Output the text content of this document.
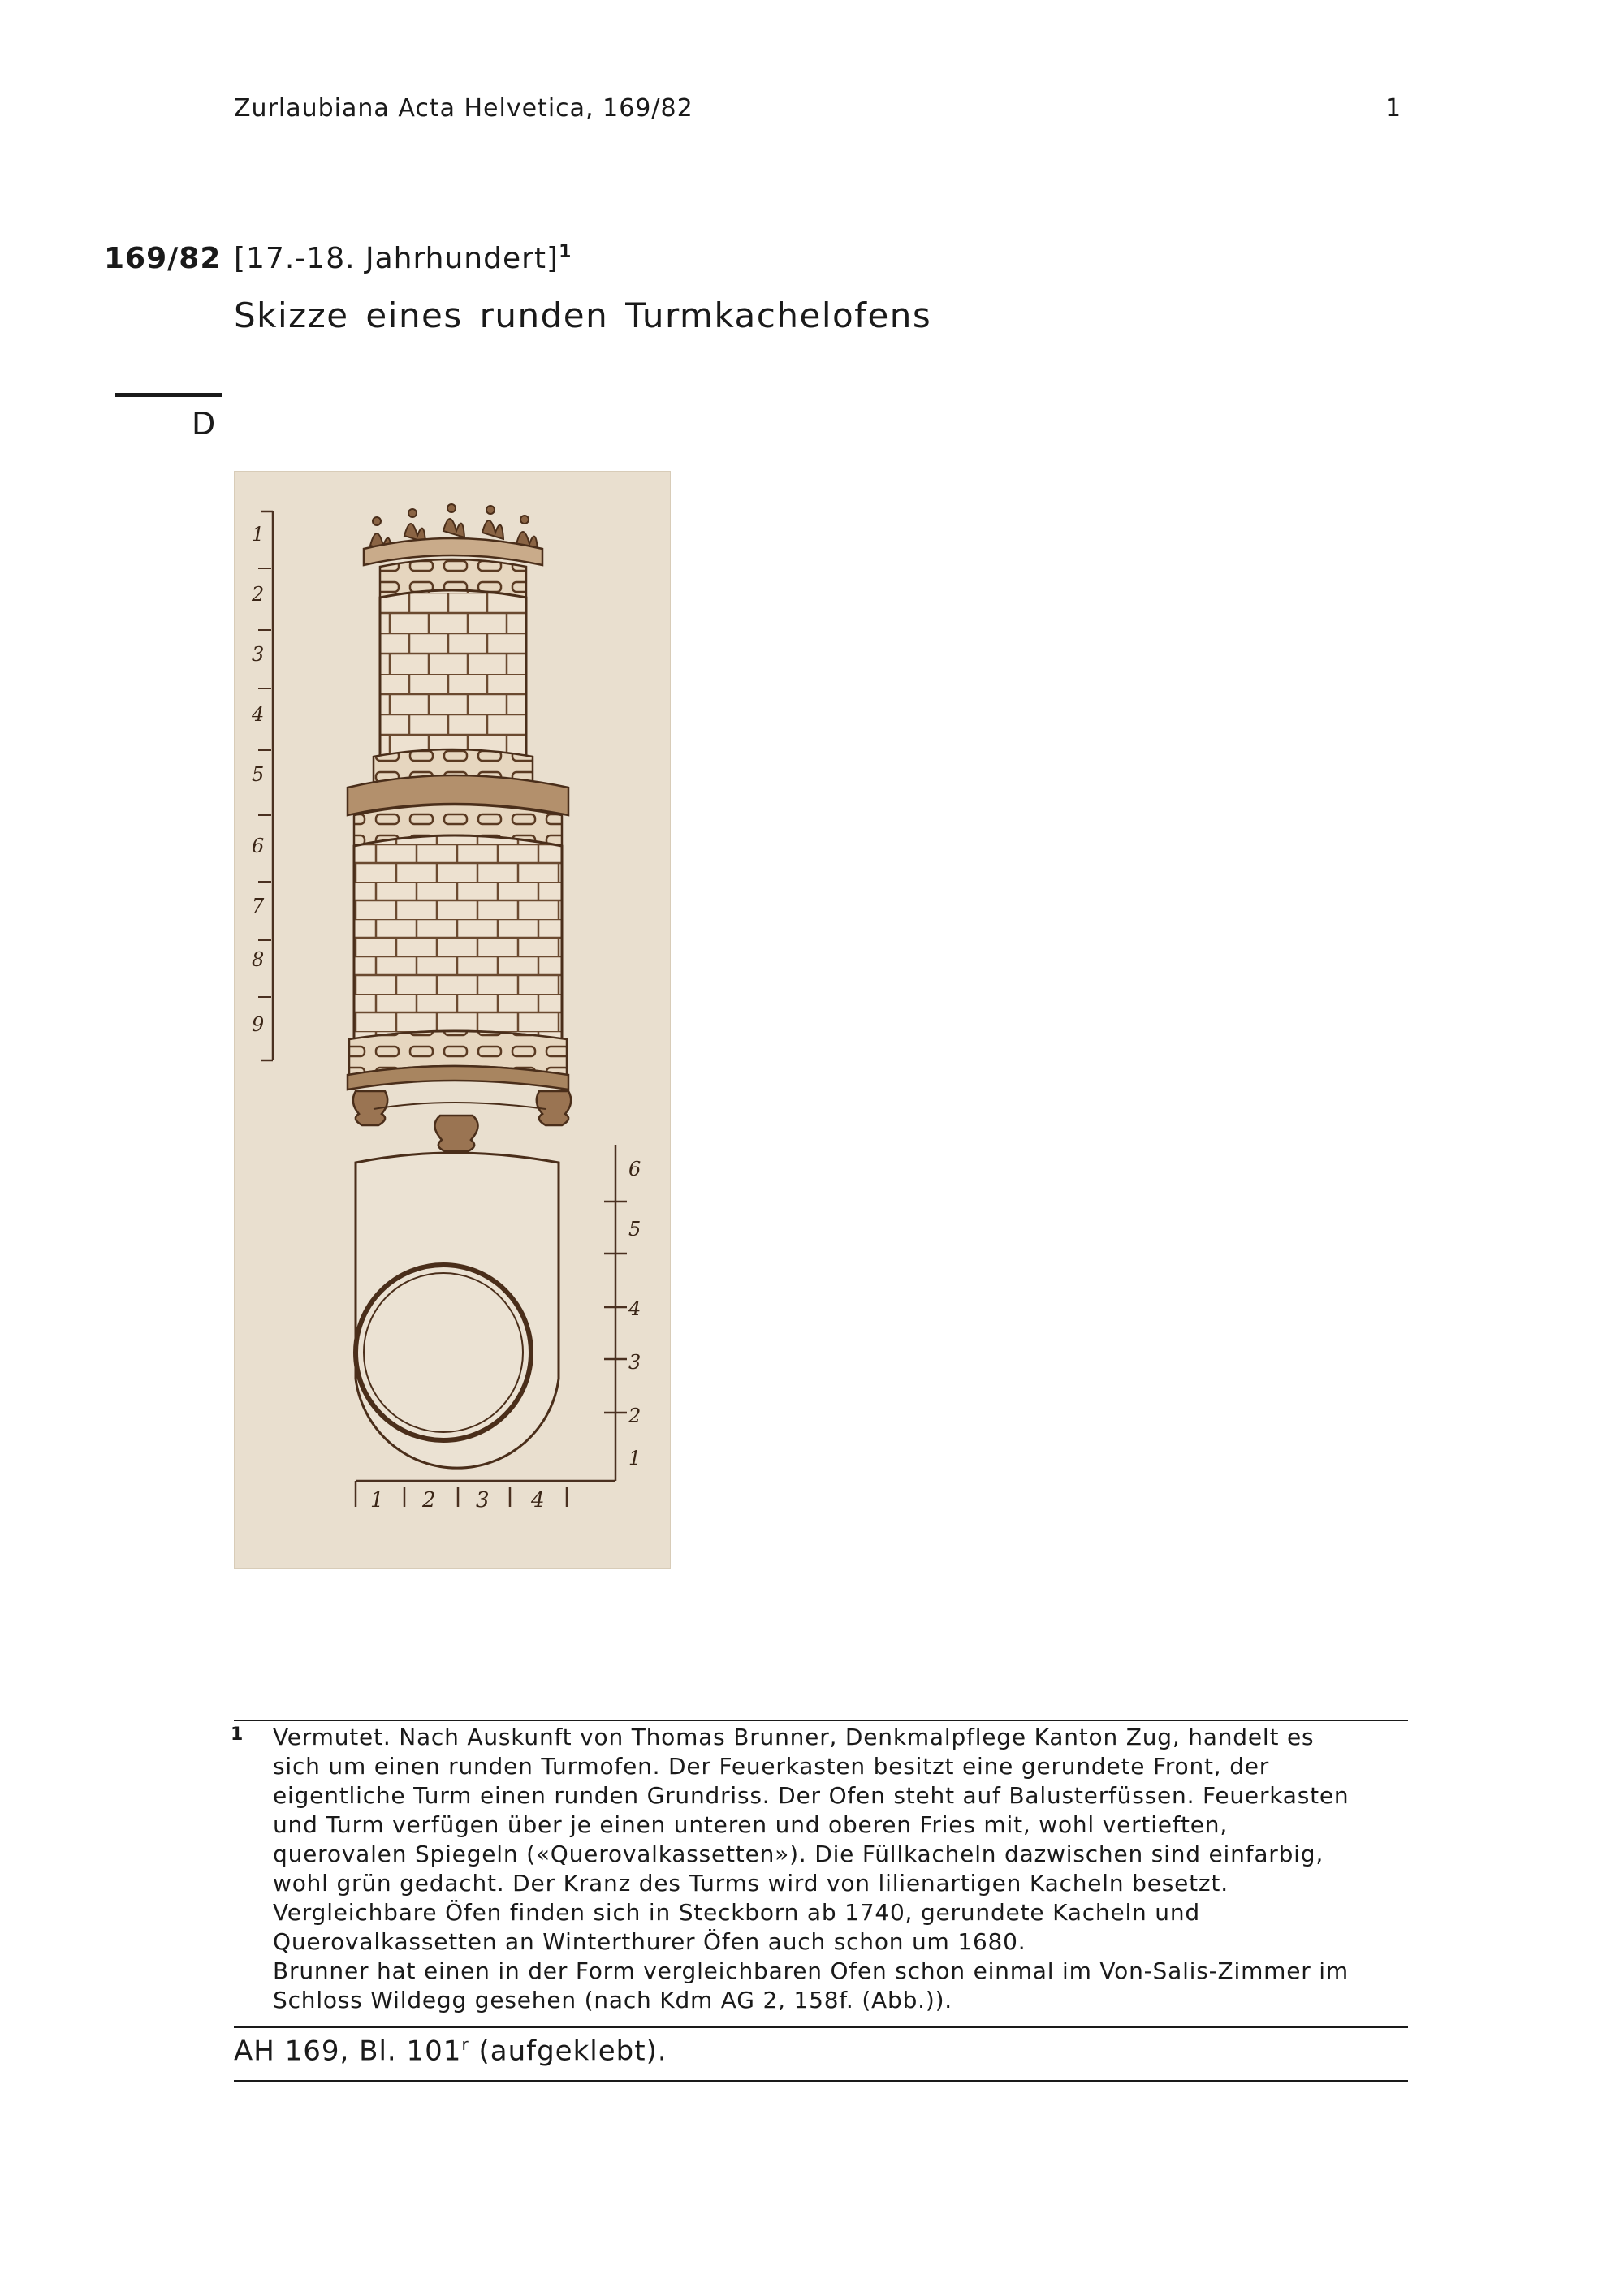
Zurlaubiana Acta Helvetica, 169/82	1
169/82 [17.-18. Jahrhundert]$^1$
Skizze eines runden Turmkachelofens
D
1
2
3
4
5
6
7
8
9
1
2
3
4
5
6
1 2 3 4
1 Vermutet. Nach Auskunft von Thomas Brunner, Denkmalpflege Kanton Zug, handelt es
sich um einen runden Turmofen. Der Feuerkasten besitzt eine gerundete Front, der
eigentliche Turm einen runden Grundriss. Der Ofen steht auf Balusterfüssen. Feuerkasten
und Turm verfügen über je einen unteren und oberen Fries mit, wohl vertieften,
querovalen Spiegeln («Querovalkassetten»). Die Füllkacheln dazwischen sind einfarbig,
wohl grün gedacht. Der Kranz des Turms wird von lilienartigen Kacheln besetzt.
Vergleichbare Öfen finden sich in Steckborn ab 1740, gerundete Kacheln und
Querovalkassetten an Winterthurer Öfen auch schon um 1680.
Brunner hat einen in der Form vergleichbaren Ofen schon einmal im Von-Salis-Zimmer im
Schloss Wildegg gesehen (nach Kdm AG 2, 158f. (Abb.)).
AH 169, Bl. 101$^r$ (aufgeklebt).
